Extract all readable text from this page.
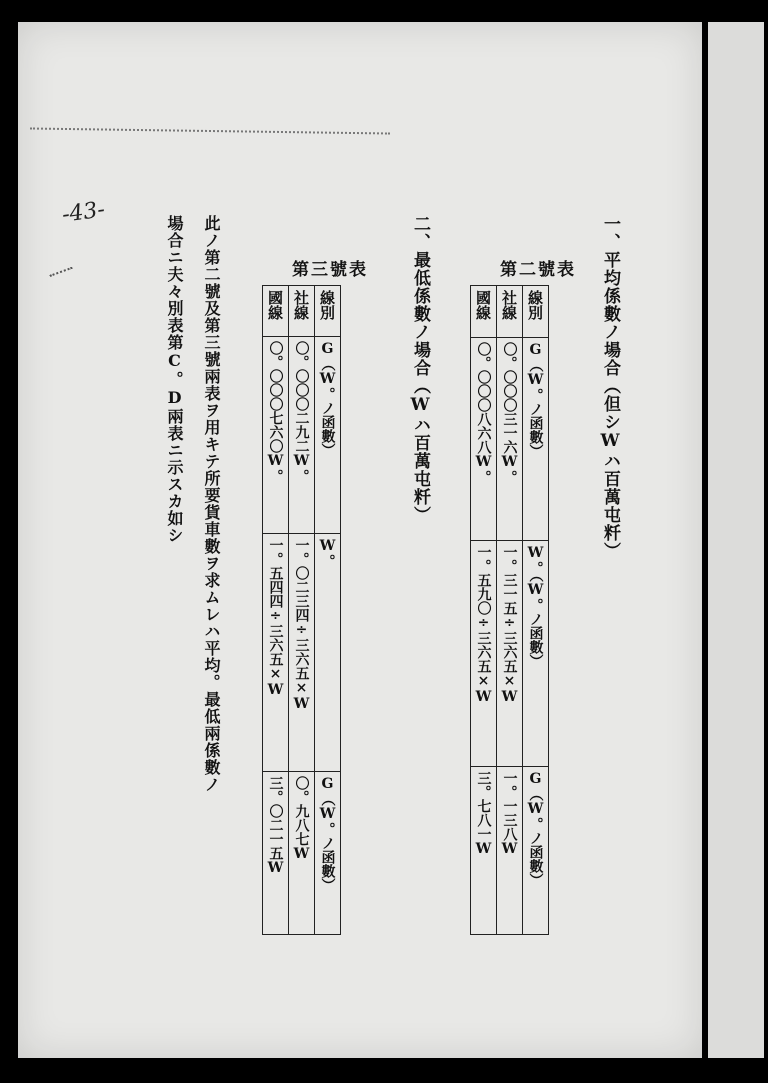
-43-
一、平均係數ノ場合（但シWハ百萬屯粁）
第二號表
線別	G（W。ノ函數）	W。（W。ノ函數）	G（W。ノ函數）
社線	〇。〇〇〇三一六W。	一。三一五÷三六五×W	一。一三八W
國線	〇。〇〇〇八六八W。	一。五九〇÷三六五×W	三。七八一W
二、最低係數ノ場合（Wハ百萬屯粁）
第三號表
線別	G（W。ノ函數）	W。	G（W。ノ函數）
社線	〇。〇〇〇二九二W。	一。〇二三四÷三六五×W	〇。九八七W
國線	〇。〇〇〇七六〇W。	一。五四四÷三六五×W	三。〇二一五W
此ノ第二號及第三號兩表ヲ用キテ所要貨車數ヲ求ムレハ平均。最低兩係數ノ
場合ニ夫々別表第C。D兩表ニ示スカ如シ
